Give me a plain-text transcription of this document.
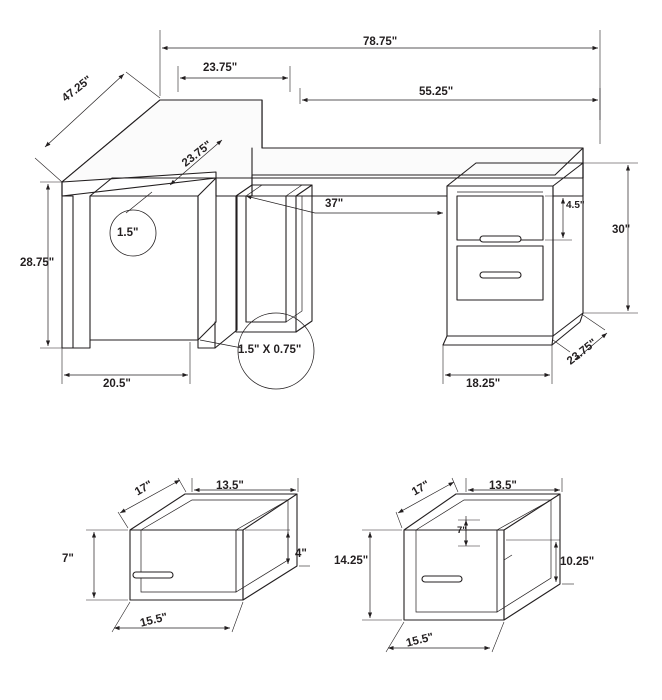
78.75"
23.75"
55.25"
47.25"
23.75"
37"	4.5"
30"
28.75"
20.5"	18.25"
23.75"
1.5"
1.5" X 0.75"
17"	13.5"
7"	4"
15.5"
17"	13.5"
7"
14.25"	10.25"
15.5"
